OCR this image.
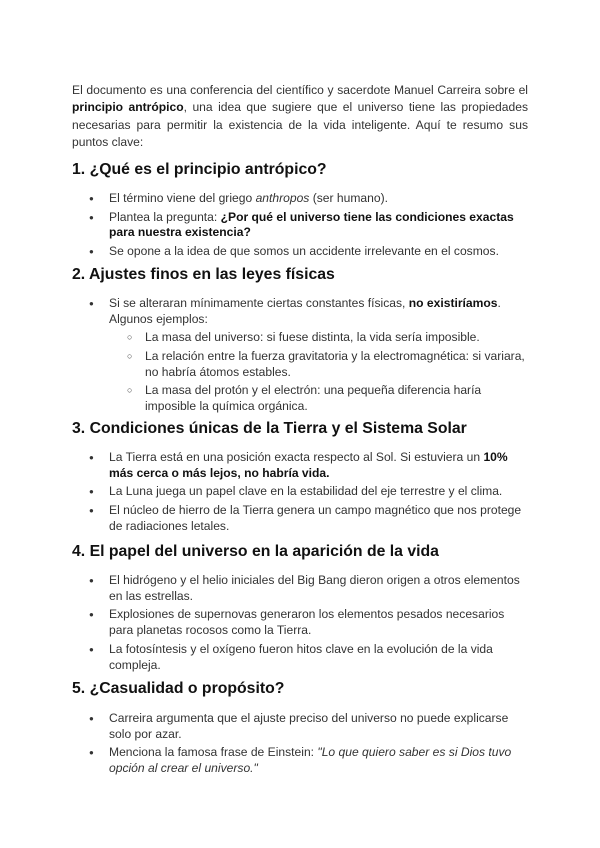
El documento es una conferencia del científico y sacerdote Manuel Carreira sobre el principio antrópico, una idea que sugiere que el universo tiene las propiedades necesarias para permitir la existencia de la vida inteligente. Aquí te resumo sus puntos clave:

1. ¿Qué es el principio antrópico?
● El término viene del griego anthropos (ser humano).
● Plantea la pregunta: ¿Por qué el universo tiene las condiciones exactas para nuestra existencia?
● Se opone a la idea de que somos un accidente irrelevante en el cosmos.
2. Ajustes finos en las leyes físicas
● Si se alteraran mínimamente ciertas constantes físicas, no existiríamos. Algunos ejemplos:
○ La masa del universo: si fuese distinta, la vida sería imposible.
○ La relación entre la fuerza gravitatoria y la electromagnética: si variara, no habría átomos estables.
○ La masa del protón y el electrón: una pequeña diferencia haría imposible la química orgánica.
3. Condiciones únicas de la Tierra y el Sistema Solar
● La Tierra está en una posición exacta respecto al Sol. Si estuviera un 10% más cerca o más lejos, no habría vida.
● La Luna juega un papel clave en la estabilidad del eje terrestre y el clima.
● El núcleo de hierro de la Tierra genera un campo magnético que nos protege de radiaciones letales.
4. El papel del universo en la aparición de la vida
● El hidrógeno y el helio iniciales del Big Bang dieron origen a otros elementos en las estrellas.
● Explosiones de supernovas generaron los elementos pesados necesarios para planetas rocosos como la Tierra.
● La fotosíntesis y el oxígeno fueron hitos clave en la evolución de la vida compleja.
5. ¿Casualidad o propósito?
● Carreira argumenta que el ajuste preciso del universo no puede explicarse solo por azar.
● Menciona la famosa frase de Einstein: "Lo que quiero saber es si Dios tuvo opción al crear el universo."
